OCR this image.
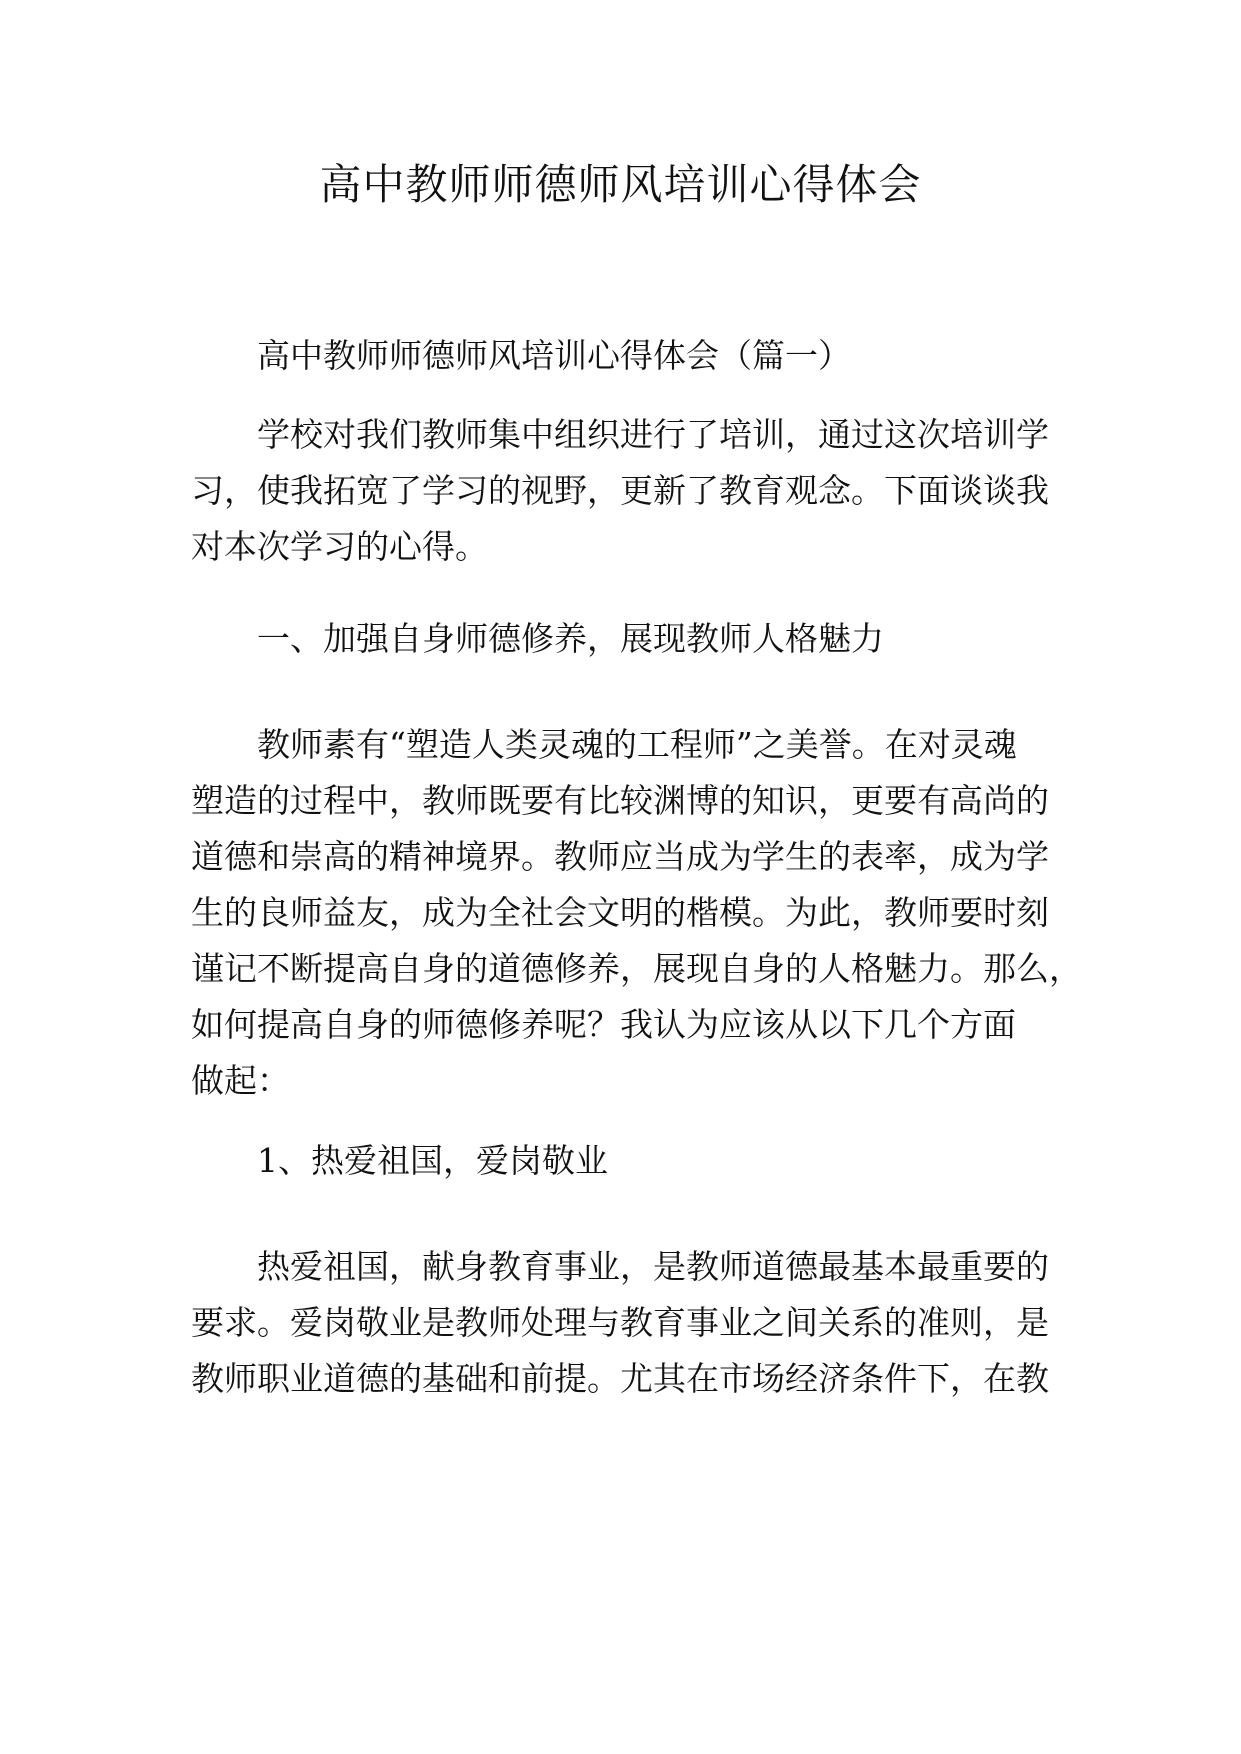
高中教师师德师风培训心得体会

高中教师师德师风培训心得体会（篇一）

学校对我们教师集中组织进行了培训，通过这次培训学
习，使我拓宽了学习的视野，更新了教育观念。下面谈谈我
对本次学习的心得。

一、加强自身师德修养，展现教师人格魅力

教师素有“塑造人类灵魂的工程师”之美誉。在对灵魂
塑造的过程中，教师既要有比较渊博的知识，更要有高尚的
道德和崇高的精神境界。教师应当成为学生的表率，成为学
生的良师益友，成为全社会文明的楷模。为此，教师要时刻
谨记不断提高自身的道德修养，展现自身的人格魅力。那么，
如何提高自身的师德修养呢？我认为应该从以下几个方面
做起：

1、热爱祖国，爱岗敬业

热爱祖国，献身教育事业，是教师道德最基本最重要的
要求。爱岗敬业是教师处理与教育事业之间关系的准则，是
教师职业道德的基础和前提。尤其在市场经济条件下，在教
